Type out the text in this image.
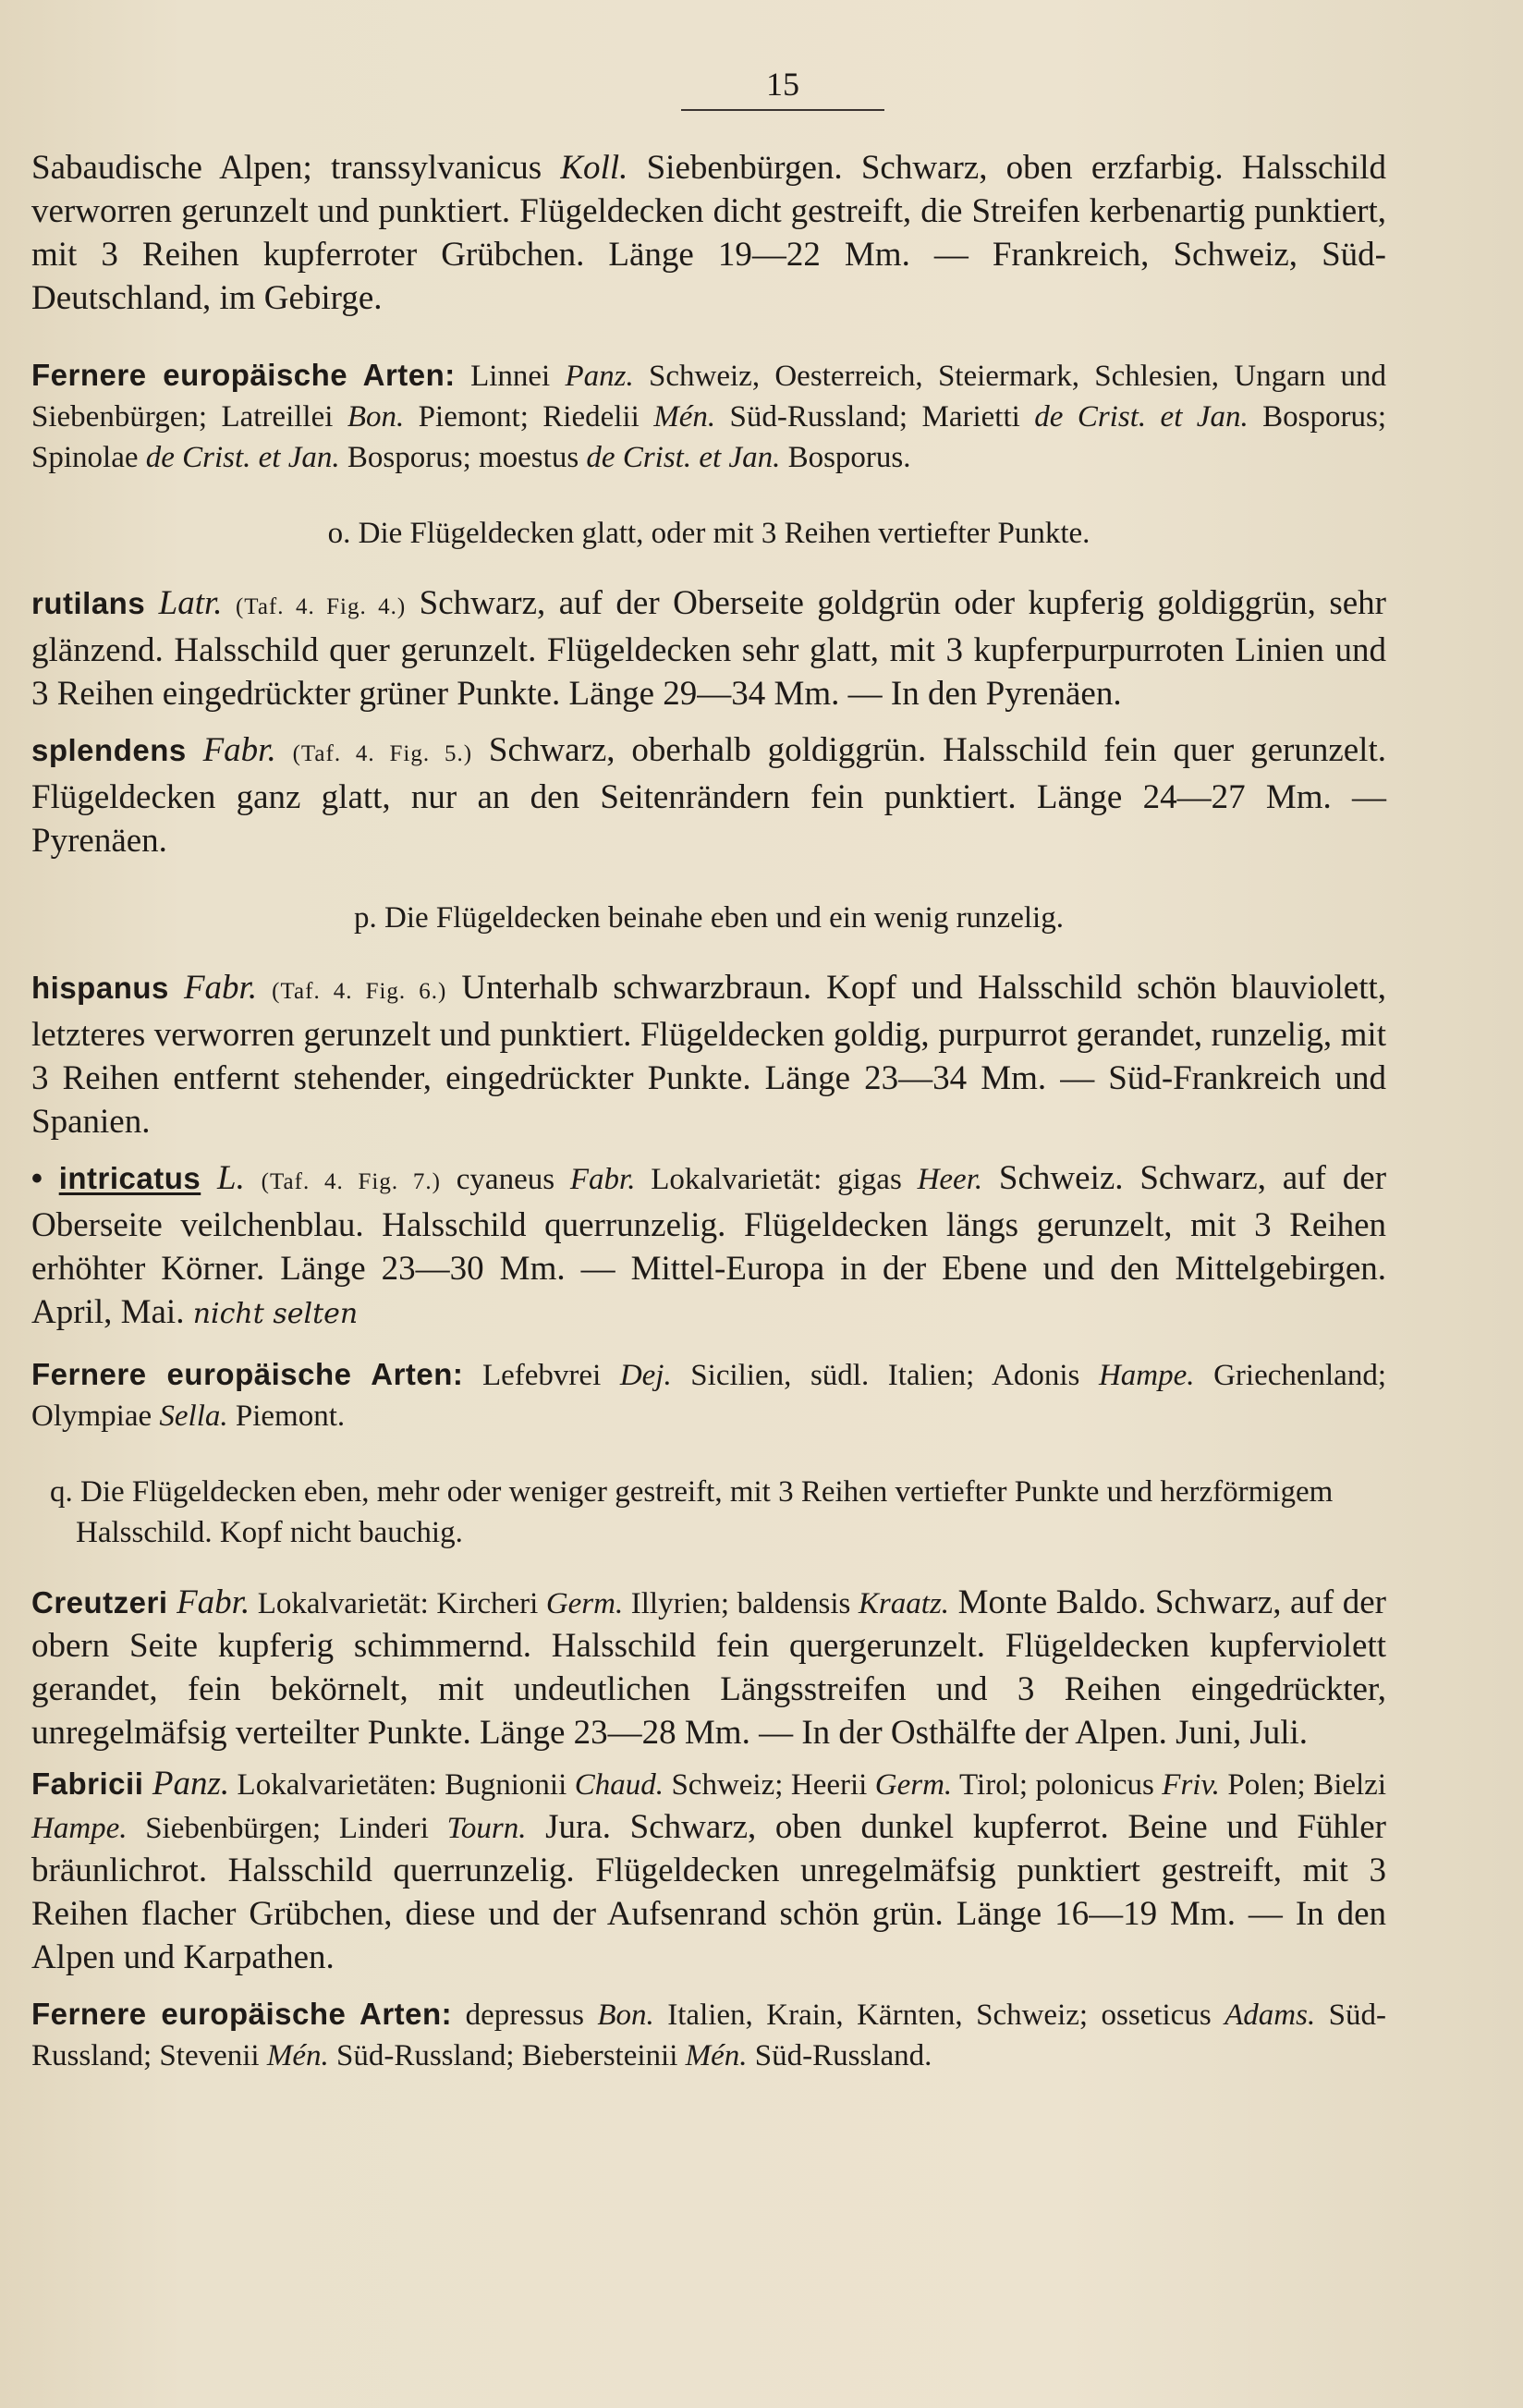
15

Sabaudische Alpen; transsylvanicus Koll. Siebenbürgen. Schwarz, oben erzfarbig. Halsschild verworren gerunzelt und punktiert. Flügeldecken dicht gestreift, die Streifen kerbenartig punktiert, mit 3 Reihen kupferroter Grübchen. Länge 19—22 Mm. — Frankreich, Schweiz, Süd-Deutschland, im Gebirge.

Fernere europäische Arten: Linnei Panz. Schweiz, Oesterreich, Steiermark, Schlesien, Ungarn und Siebenbürgen; Latreillei Bon. Piemont; Riedelii Mén. Süd-Russland; Marietti de Crist. et Jan. Bosporus; Spinolae de Crist. et Jan. Bosporus; moestus de Crist. et Jan. Bosporus.

o. Die Flügeldecken glatt, oder mit 3 Reihen vertiefter Punkte.

rutilans Latr. (Taf. 4. Fig. 4.) Schwarz, auf der Oberseite goldgrün oder kupferig goldiggrün, sehr glänzend. Halsschild quer gerunzelt. Flügeldecken sehr glatt, mit 3 kupferpurpurroten Linien und 3 Reihen eingedrückter grüner Punkte. Länge 29—34 Mm. — In den Pyrenäen.

splendens Fabr. (Taf. 4. Fig. 5.) Schwarz, oberhalb goldiggrün. Halsschild fein quer gerunzelt. Flügeldecken ganz glatt, nur an den Seitenrändern fein punktiert. Länge 24—27 Mm. — Pyrenäen.

p. Die Flügeldecken beinahe eben und ein wenig runzelig.

hispanus Fabr. (Taf. 4. Fig. 6.) Unterhalb schwarzbraun. Kopf und Halsschild schön blauviolett, letzteres verworren gerunzelt und punktiert. Flügeldecken goldig, purpurrot gerandet, runzelig, mit 3 Reihen entfernt stehender, eingedrückter Punkte. Länge 23—34 Mm. — Süd-Frankreich und Spanien.

• intricatus L. (Taf. 4. Fig. 7.) cyaneus Fabr. Lokalvarietät: gigas Heer. Schweiz. Schwarz, auf der Oberseite veilchenblau. Halsschild querrunzelig. Flügeldecken längs gerunzelt, mit 3 Reihen erhöhter Körner. Länge 23—30 Mm. — Mittel-Europa in der Ebene und den Mittelgebirgen. April, Mai. nicht selten

Fernere europäische Arten: Lefebvrei Dej. Sicilien, südl. Italien; Adonis Hampe. Griechenland; Olympiae Sella. Piemont.

q. Die Flügeldecken eben, mehr oder weniger gestreift, mit 3 Reihen vertiefter Punkte und herzförmigem Halsschild. Kopf nicht bauchig.

Creutzeri Fabr. Lokalvarietät: Kircheri Germ. Illyrien; baldensis Kraatz. Monte Baldo. Schwarz, auf der obern Seite kupferig schimmernd. Halsschild fein quergerunzelt. Flügeldecken kupferviolett gerandet, fein bekörnelt, mit undeutlichen Längsstreifen und 3 Reihen eingedrückter, unregelmäfsig verteilter Punkte. Länge 23—28 Mm. — In der Osthälfte der Alpen. Juni, Juli.

Fabricii Panz. Lokalvarietäten: Bugnionii Chaud. Schweiz; Heerii Germ. Tirol; polonicus Friv. Polen; Bielzi Hampe. Siebenbürgen; Linderi Tourn. Jura. Schwarz, oben dunkel kupferrot. Beine und Fühler bräunlichrot. Halsschild querrunzelig. Flügeldecken unregelmäfsig punktiert gestreift, mit 3 Reihen flacher Grübchen, diese und der Aufsenrand schön grün. Länge 16—19 Mm. — In den Alpen und Karpathen.

Fernere europäische Arten: depressus Bon. Italien, Krain, Kärnten, Schweiz; osseticus Adams. Süd-Russland; Stevenii Mén. Süd-Russland; Biebersteinii Mén. Süd-Russland.
